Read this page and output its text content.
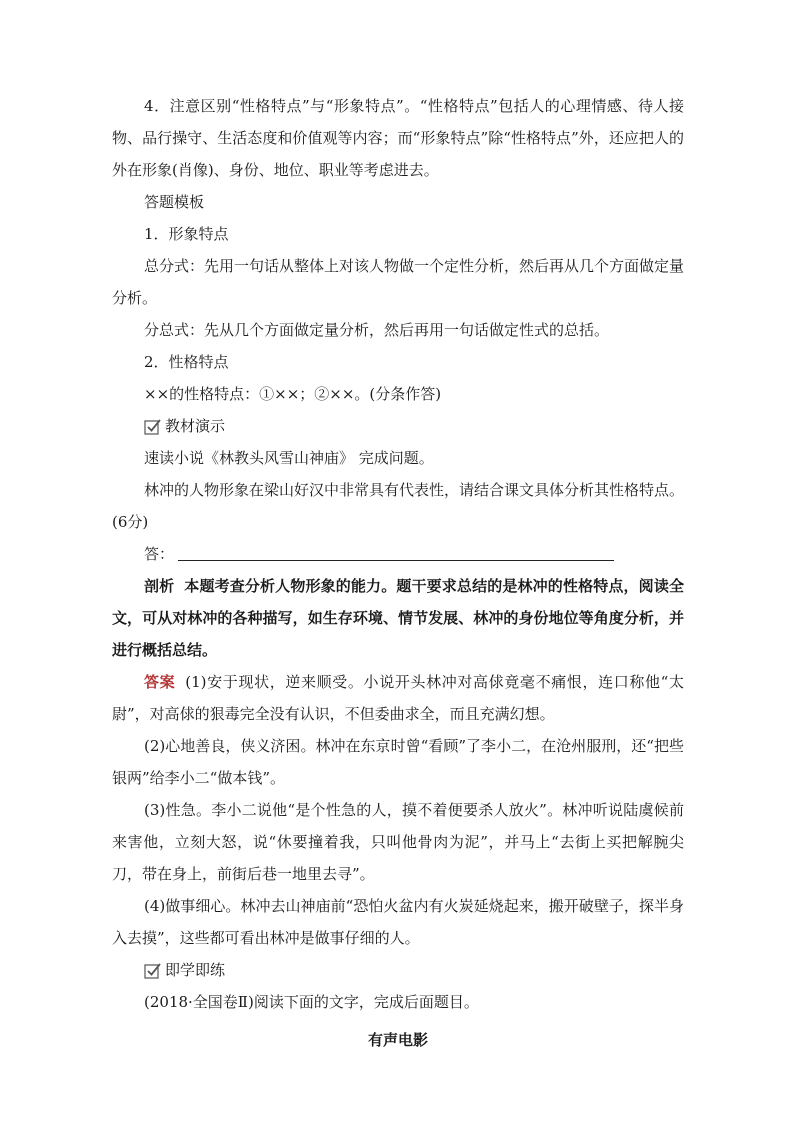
4．注意区别“性格特点”与“形象特点”。“性格特点”包括人的心理情感、待人接物、品行操守、生活态度和价值观等内容；而“形象特点”除“性格特点”外，还应把人的外在形象(肖像)、身份、地位、职业等考虑进去。

答题模板

1．形象特点

总分式：先用一句话从整体上对该人物做一个定性分析，然后再从几个方面做定量分析。

分总式：先从几个方面做定量分析，然后再用一句话做定性式的总括。

2．性格特点

××的性格特点：①××；②××。(分条作答)

教材演示

速读小说《林教头风雪山神庙》 完成问题。

林冲的人物形象在梁山好汉中非常具有代表性，请结合课文具体分析其性格特点。(6分)

答：

剖析 本题考查分析人物形象的能力。题干要求总结的是林冲的性格特点，阅读全文，可从对林冲的各种描写，如生存环境、情节发展、林冲的身份地位等角度分析，并进行概括总结。

答案 (1)安于现状，逆来顺受。小说开头林冲对高俅竟毫不痛恨，连口称他“太尉”，对高俅的狠毒完全没有认识，不但委曲求全，而且充满幻想。

(2)心地善良，侠义济困。林冲在东京时曾“看顾”了李小二，在沧州服刑，还“把些银两”给李小二“做本钱”。

(3)性急。李小二说他“是个性急的人，摸不着便要杀人放火”。林冲听说陆虞候前来害他，立刻大怒，说“休要撞着我，只叫他骨肉为泥”，并马上“去街上买把解腕尖刀，带在身上，前街后巷一地里去寻”。

(4)做事细心。林冲去山神庙前“恐怕火盆内有火炭延烧起来，搬开破壁子，探半身入去摸”，这些都可看出林冲是做事仔细的人。

即学即练

(2018·全国卷Ⅱ)阅读下面的文字，完成后面题目。

有声电影
